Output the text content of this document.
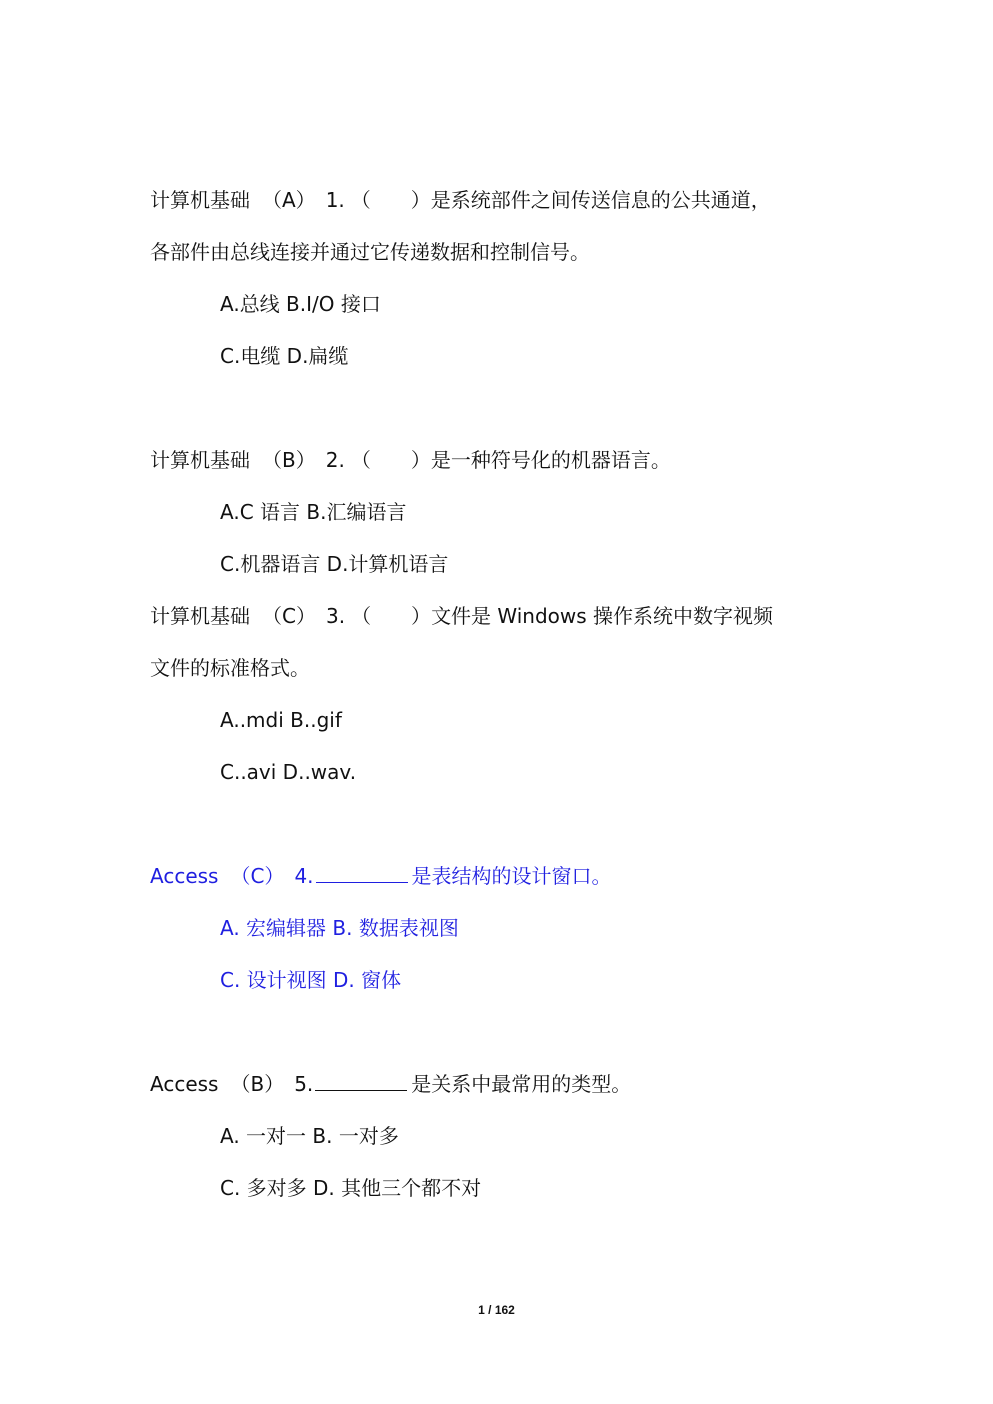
计算机基础 （A） 1. （　　）是系统部件之间传送信息的公共通道，
各部件由总线连接并通过它传递数据和控制信号。
A.总线 B.I/O 接口
C.电缆 D.扁缆
计算机基础 （B） 2. （　　）是一种符号化的机器语言。
A.C 语言 B.汇编语言
C.机器语言 D.计算机语言
计算机基础 （C） 3. （　　）文件是 Windows 操作系统中数字视频
文件的标准格式。
A..mdi B..gif
C..avi D..wav.
Access （C） 4.	是表结构的设计窗口。
A. 宏编辑器 B. 数据表视图
C. 设计视图 D. 窗体
Access （B） 5.	是关系中最常用的类型。
A. 一对一 B. 一对多
C. 多对多 D. 其他三个都不对
1 / 162
